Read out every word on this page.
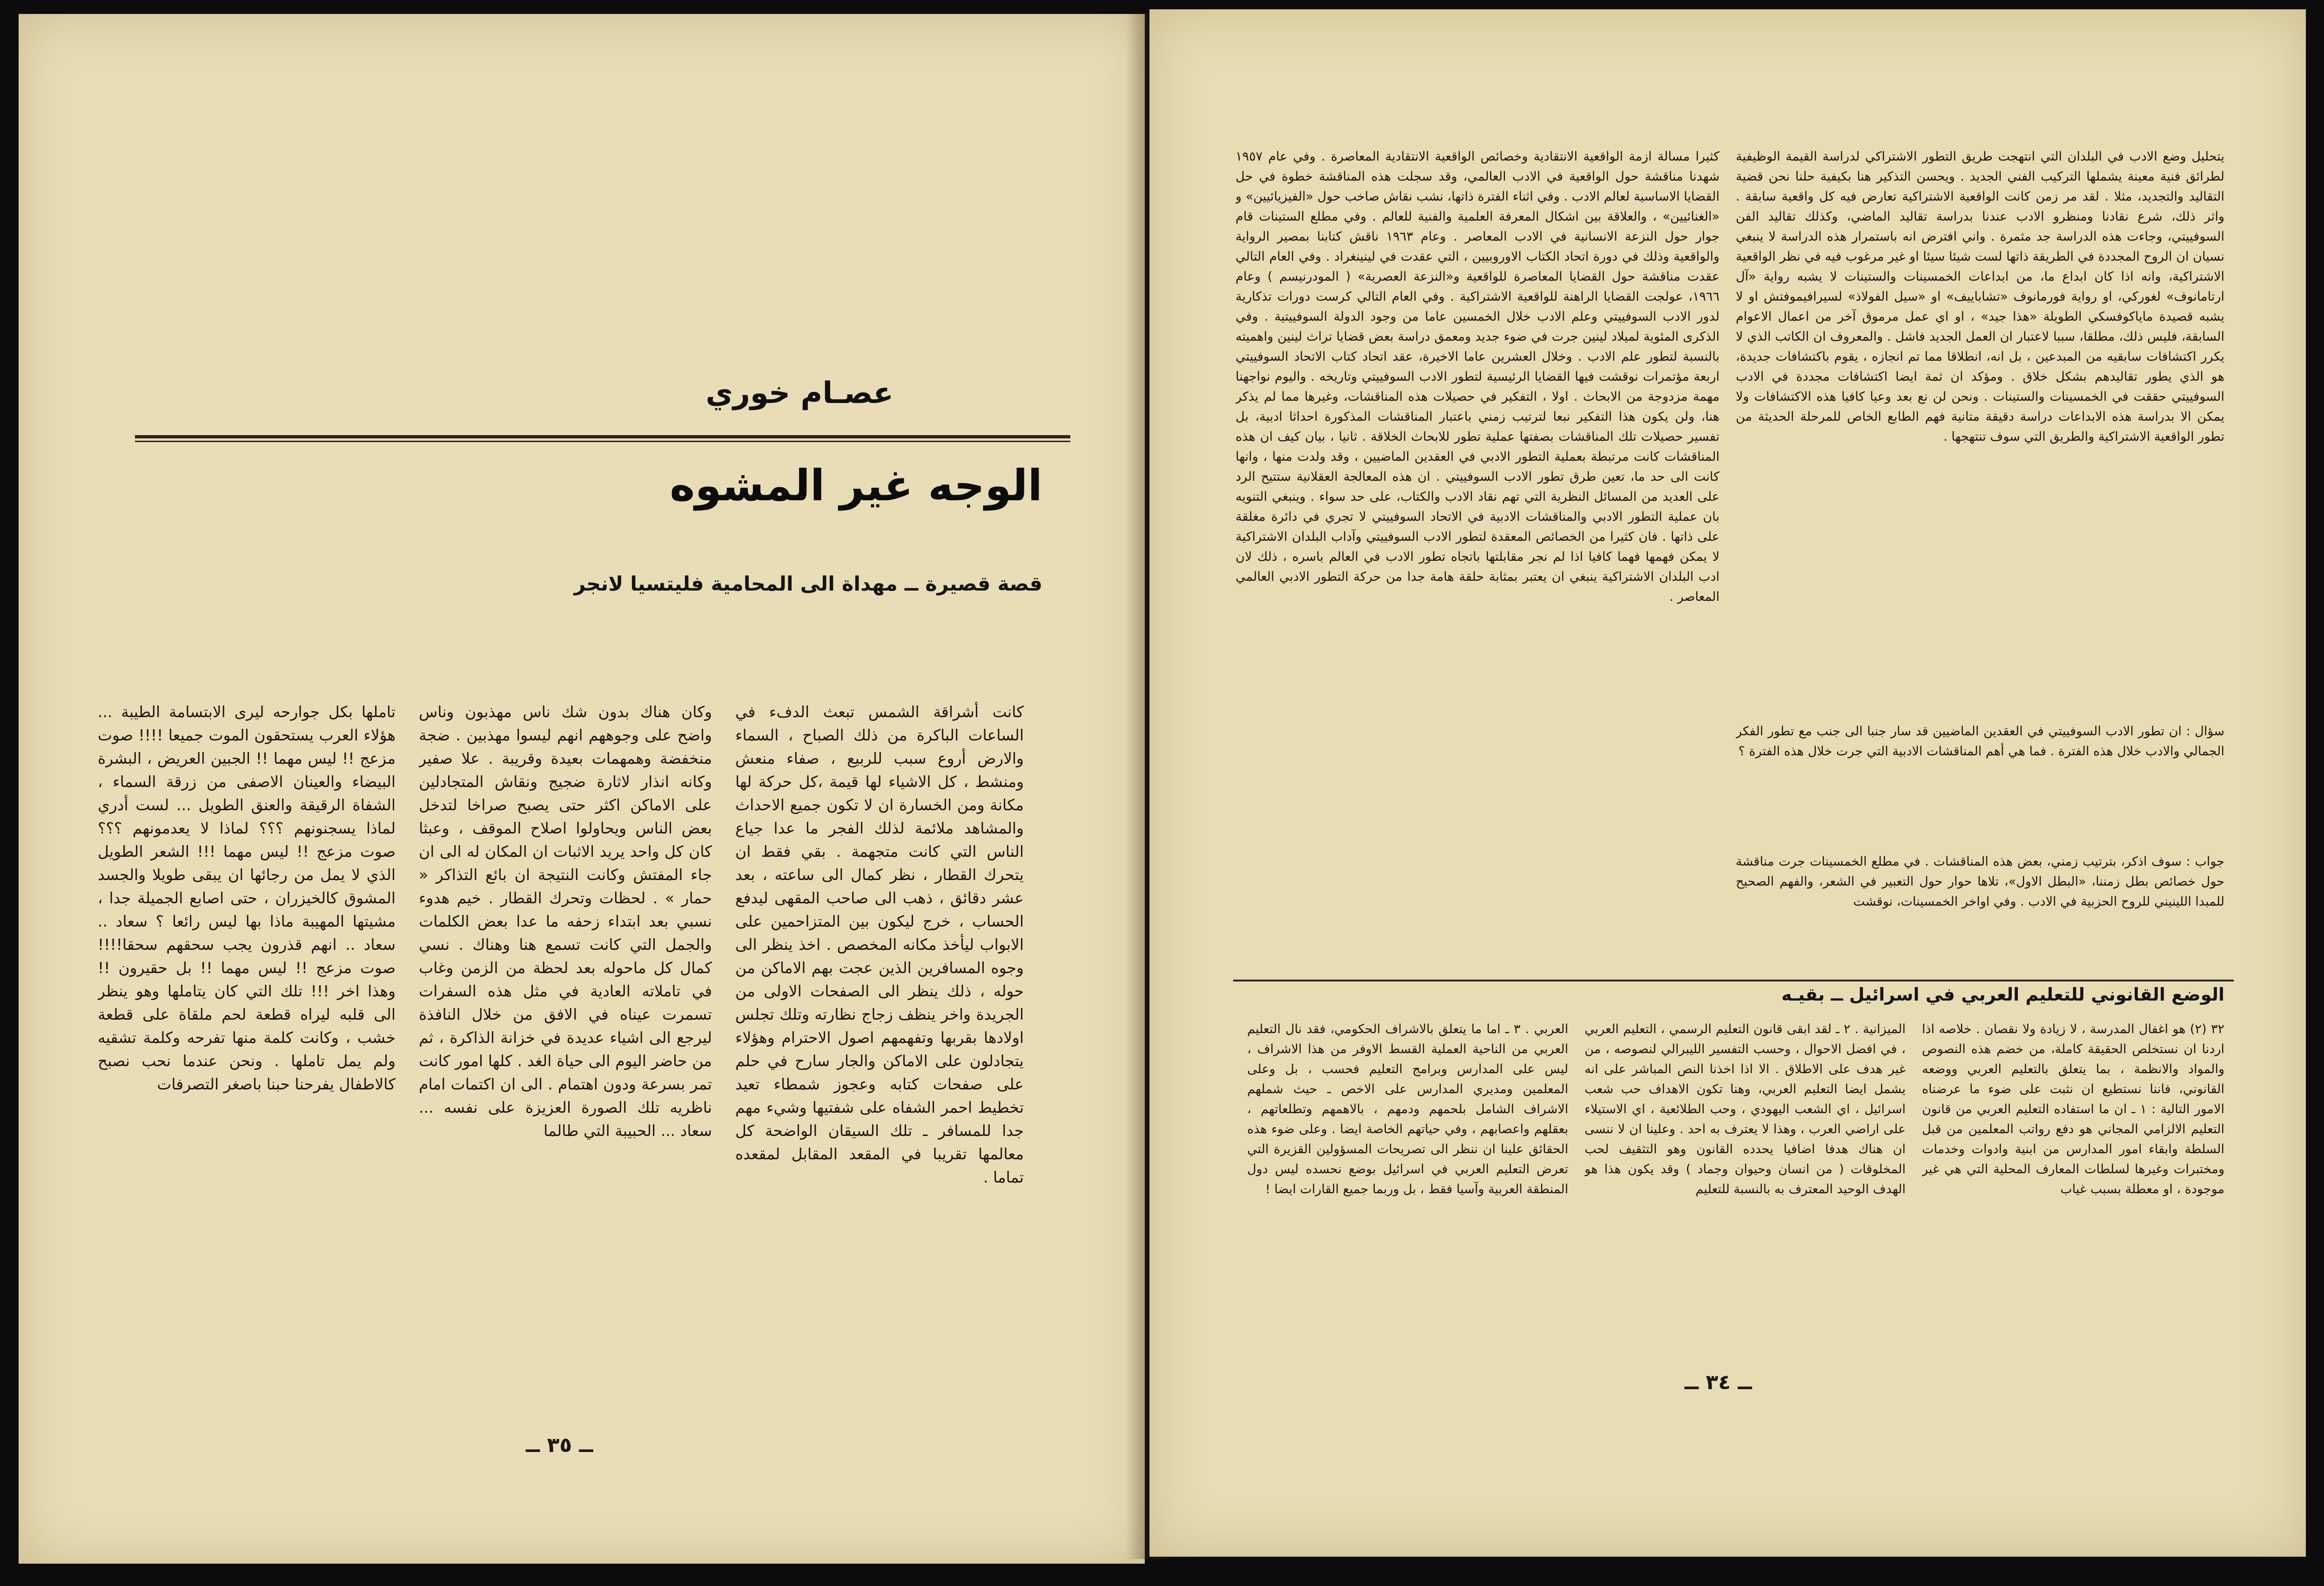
عصـام خوري
الوجه غير المشوه
قصة قصيرة ــ مهداة الى المحامية فليتسيا لانجر
كانت أشراقة الشمس تبعث الدفء في الساعات الباكرة من ذلك الصباح ، السماء والارض أروع سبب للربيع ، صفاء منعش ومنشط ، كل الاشياء لها قيمة ،كل حركة لها مكانة ومن الخسارة ان لا تكون جميع الاحداث والمشاهد ملائمة لذلك الفجر ما عدا جياع الناس التي كانت متجهمة . بقي فقط ان يتحرك القطار ، نظر كمال الى ساعته ، بعد عشر دقائق ، ذهب الى صاحب المقهى ليدفع الحساب ، خرج ليكون بين المتزاحمين على الابواب ليأخذ مكانه المخصص . اخذ ينظر الى وجوه المسافرين الذين عجت بهم الاماكن من حوله ، ذلك ينظر الى الصفحات الاولى من الجريدة واخر ينظف زجاج نظارته وتلك تجلس اولادها بقربها وتفهمهم اصول الاحترام وهؤلاء يتجادلون على الاماكن والجار سارح في حلم على صفحات كتابه وعجوز شمطاء تعيد تخطيط احمر الشفاه على شفتيها وشيء مهم جدا للمسافر ـ تلك السيقان الواضحة كل معالمها تقريبا في المقعد المقابل لمقعده تماما .
وكان هناك بدون شك ناس مهذبون وناس واضح على وجوههم انهم ليسوا مهذبين . ضجة منخفضة وهمهمات بعيدة وقريبة . علا صفير وكانه انذار لاثارة ضجيج ونقاش المتجادلين على الاماكن اكثر حتى يصبح صراخا لتدخل بعض الناس ويحاولوا اصلاح الموقف ، وعبثا كان كل واحد يريد الاثبات ان المكان له الى ان جاء المفتش وكانت النتيجة ان بائع التذاكر « حمار » . لحظات وتحرك القطار . خيم هدوء نسبي بعد ابتداء زحفه ما عدا بعض الكلمات والجمل التي كانت تسمع هنا وهناك . نسي كمال كل ماحوله بعد لحظة من الزمن وغاب في تاملاته العادية في مثل هذه السفرات تسمرت عيناه في الافق من خلال النافذة ليرجع الى اشياء عديدة في خزانة الذاكرة ، ثم من حاضر اليوم الى حياة الغد . كلها امور كانت تمر بسرعة ودون اهتمام . الى ان اكتمات امام ناظريه تلك الصورة العزيزة على نفسه ... سعاد ... الحبيبة التي طالما
تاملها بكل جوارحه ليرى الابتسامة الطيبة ... هؤلاء العرب يستحقون الموت جميعا !!!! صوت مزعج !! ليس مهما !! الجبين العريض ، البشرة البيضاء والعينان الاصفى من زرقة السماء ، الشفاة الرقيقة والعنق الطويل ... لست أدري لماذا يسجنونهم ؟؟؟ لماذا لا يعدمونهم ؟؟؟ صوت مزعج !! ليس مهما !!! الشعر الطويل الذي لا يمل من رجائها ان يبقى طويلا والجسد المشوق كالخيزران ، حتى اصابع الجميلة جدا ، مشيتها المهيبة ماذا بها ليس رائعا ؟ سعاد .. سعاد .. انهم قذرون يجب سحقهم سحقا!!!! صوت مزعج !! ليس مهما !! بل حقيرون !! وهذا اخر !!! تلك التي كان يتاملها وهو ينظر الى قلبه ليراه قطعة لحم ملقاة على قطعة خشب ، وكانت كلمة منها تفرحه وكلمة تشقيه ولم يمل تاملها . ونحن عندما نحب نصبح كالاطفال يفرحنا حبنا باصغر التصرفات
ــ ٣٥ ــ
يتحليل وضع الادب في البلدان التي انتهجت طريق التطور الاشتراكي لدراسة القيمة الوظيفية لطرائق فنية معينة يشملها التركيب الفني الجديد . ويحسن التذكير هنا بكيفية حلنا نحن قضية التقاليد والتجديد، مثلا . لقد مر زمن كانت الواقعية الاشتراكية تعارض فيه كل واقعية سابقة . واثر ذلك، شرع نقادنا ومنظرو الادب عندنا بدراسة تقاليد الماضي، وكذلك تقاليد الفن السوفييتي، وجاءت هذه الدراسة جد مثمرة . واني افترض انه باستمرار هذه الدراسة لا ينبغي نسيان ان الروح المجددة في الطريقة ذاتها لست شيئا سيئا او غير مرغوب فيه في نظر الواقعية الاشتراكية، وانه اذا كان ابداع ما، من ابداعات الخمسينات والستينات لا يشبه رواية «آل ارتامانوف» لغوركي، او رواية فورمانوف «تشاباييف» او «سيل الفولاذ» لسيرافيموفتش او لا يشبه قصيدة ماياكوفسكي الطويلة «هذا جيد» ، او اي عمل مرموق آخر من اعمال الاعوام السابقة، فليس ذلك، مطلقا، سببا لاعتبار ان العمل الجديد فاشل . والمعروف ان الكاتب الذي لا يكرر اكتشافات سابقيه من المبدعين ، بل انه، انطلاقا مما تم انجازه ، يقوم باكتشافات جديدة، هو الذي يطور تقاليدهم بشكل خلاق . ومؤكد ان ثمة ايضا اكتشافات مجددة في الادب السوفييتي حققت في الخمسينات والستينات . ونحن لن نع بعد وعيا كافيا هذه الاكتشافات ولا يمكن الا بدراسة هذه الابداعات دراسة دقيقة متانية فهم الطابع الخاص للمرحلة الحديثة من تطور الواقعية الاشتراكية والطريق التي سوف تنتهجها .
كثيرا مسالة ازمة الواقعية الانتقادية وخصائص الواقعية الانتقادية المعاصرة . وفي عام ١٩٥٧ شهدنا مناقشة حول الواقعية في الادب العالمي، وقد سجلت هذه المناقشة خطوة في حل القضايا الاساسية لعالم الادب . وفي اثناء الفترة ذاتها، نشب نقاش صاخب حول «الفيزيائيين» و «الغنائيين» ، والعلاقة بين اشكال المعرفة العلمية والفنية للعالم . وفي مطلع الستينات قام جوار حول النزعة الانسانية في الادب المعاصر . وعام ١٩٦٣ ناقش كتابنا بمصير الرواية والواقعية وذلك في دورة اتحاد الكتاب الاوروبيين ، التي عقدت في لينينغراد . وفي العام التالي عقدت مناقشة حول القضايا المعاصرة للواقعية و«النزعة العصرية» ( المودرنيسم ) وعام ١٩٦٦، عولجت القضايا الراهنة للواقعية الاشتراكية . وفي العام التالي كرست دورات تذكارية لدور الادب السوفييتي وعلم الادب خلال الخمسين عاما من وجود الدولة السوفييتية . وفي الذكرى المئوية لميلاد لينين جرت في ضوء جديد ومعمق دراسة بعض قضايا تراث لينين واهميته بالنسبة لتطور علم الادب . وخلال العشرين عاما الاخيرة، عقد اتحاد كتاب الاتحاد السوفييتي اربعة مؤتمرات نوقشت فيها القضايا الرئيسية لتطور الادب السوفييتي وتاريخه . واليوم نواجهنا مهمة مزدوجة من الابحاث . اولا ، التفكير في حصيلات هذه المناقشات، وغيرها مما لم يذكر هنا، ولن يكون هذا التفكير نبعا لترتيب زمني باعتبار المناقشات المذكورة احداثا ادبية، بل تفسير حصيلات تلك المناقشات بصفتها عملية تطور للابحاث الخلاقة . ثانيا ، بيان كيف ان هذه المناقشات كانت مرتبطة بعملية التطور الادبي في العقدين الماضيين ، وقد ولدت منها ، وانها كانت الى حد ما، تعين طرق تطور الادب السوفييتي . ان هذه المعالجة العقلانية ستتيح الرد على العديد من المسائل النظرية التي تهم نقاد الادب والكتاب، على حد سواء . وينبغي التنويه بان عملية التطور الادبي والمناقشات الادبية في الاتحاد السوفييتي لا تجري في دائرة مغلقة على ذاتها . فان كثيرا من الخصائص المعقدة لتطور الادب السوفييتي وآداب البلدان الاشتراكية لا يمكن فهمها فهما كافيا اذا لم نجر مقابلتها باتجاه تطور الادب في العالم باسره ، ذلك لان ادب البلدان الاشتراكية ينبغي ان يعتبر بمثابة حلقة هامة جدا من حركة التطور الادبي العالمي المعاصر .
سؤال : ان تطور الادب السوفييتي في العقدين الماضيين قد سار جنبا الى جنب مع تطور الفكر الجمالي والادب خلال هذه الفترة . فما هي أهم المناقشات الادبية التي جرت خلال هذه الفترة ؟
جواب : سوف اذكر، بترتيب زمني، بعض هذه المناقشات . في مطلع الخمسينات جرت مناقشة حول خصائص بطل زمننا، «البطل الاول»، تلاها حوار حول التعبير في الشعر، والفهم الصحيح للمبدا اللينيني للروح الحزبية في الادب . وفي اواخر الخمسينات، نوقشت
الوضع القانوني للتعليم العربي في اسرائيل ــ بقيـه
٣٢ (٢) هو اغفال المدرسة ، لا زيادة ولا نقصان . خلاصه اذا اردنا ان نستخلص الحقيقة كاملة، من خضم هذه النصوص والمواد والانظمة ، بما يتعلق بالتعليم العربي ووضعه القانوني، فاننا نستطيع ان نثبت على ضوء ما عرضناه الامور التالية : ١ ـ ان ما استفاده التعليم العربي من قانون التعليم الالزامي المجاني هو دفع رواتب المعلمين من قبل السلطة وابقاء امور المدارس من ابنية وادوات وخدمات ومختبرات وغيرها لسلطات المعارف المحلية التي هي غير موجودة ، او معطلة بسبب غياب
الميزانية . ٢ ـ لقد ابقى قانون التعليم الرسمي ، التعليم العربي ، في افضل الاحوال ، وحسب التفسير الليبرالي لنصوصه ، من غير هدف على الاطلاق . الا اذا اخذنا النص المباشر على انه يشمل ايضا التعليم العربي، وهنا تكون الاهداف حب شعب اسرائيل ، اي الشعب اليهودي ، وحب الطلائعية ، اي الاستيلاء على اراضي العرب ، وهذا لا يعترف به احد . وعلينا ان لا ننسى ان هناك هدفا اضافيا يحدده القانون وهو التثقيف لحب المخلوقات ( من انسان وحيوان وجماد ) وقد يكون هذا هو الهدف الوحيد المعترف به بالنسبة للتعليم
العربي . ٣ ـ اما ما يتعلق بالاشراف الحكومي، فقد نال التعليم العربي من الناحية العملية القسط الاوفر من هذا الاشراف ، ليس على المدارس وبرامج التعليم فحسب ، بل وعلى المعلمين ومديري المدارس على الاخص ـ حيث شملهم الاشراف الشامل بلحمهم ودمهم ، بالاهمهم وتطلعاتهم ، بعقلهم واعصابهم ، وفي حياتهم الخاصة ايضا . وعلى ضوء هذه الحقائق علينا ان ننظر الى تصريحات المسؤولين القزيرة التي تعرض التعليم العربي في اسرائيل بوضع نحسده ليس دول المنطقة العربية وآسيا فقط ، بل وربما جميع القارات ايضا !
ــ ٣٤ ــ
